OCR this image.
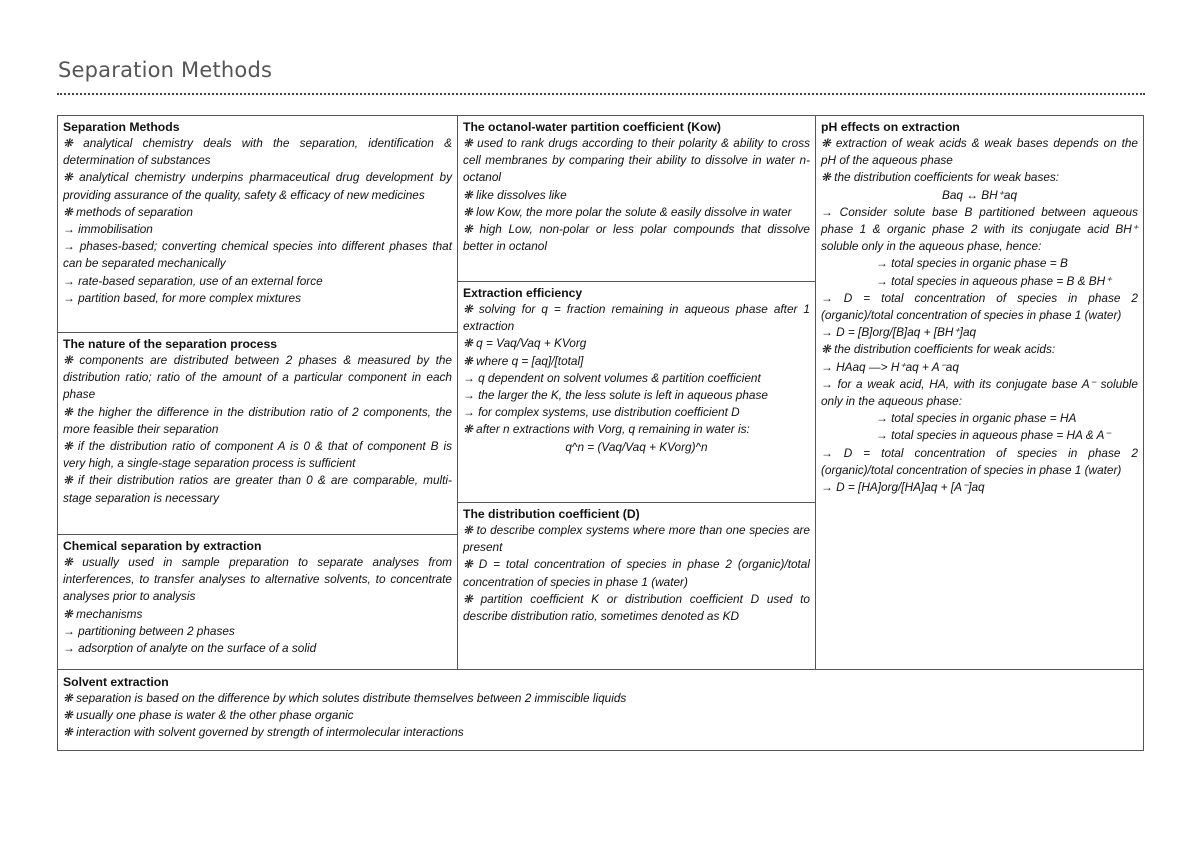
Separation Methods
Separation Methods

❋ analytical chemistry deals with the separation, identification & determination of substances

❋ analytical chemistry underpins pharmaceutical drug development by providing assurance of the quality, safety & efficacy of new medicines

❋ methods of separation

→ immobilisation

→ phases-based; converting chemical species into different phases that can be separated mechanically

→ rate-based separation, use of an external force

→ partition based, for more complex mixtures

The nature of the separation process

❋ components are distributed between 2 phases & measured by the distribution ratio; ratio of the amount of a particular component in each phase

❋ the higher the difference in the distribution ratio of 2 components, the more feasible their separation

❋ if the distribution ratio of component A is 0 & that of component B is very high, a single-stage separation process is sufficient

❋ if their distribution ratios are greater than 0 & are comparable, multi-stage separation is necessary

Chemical separation by extraction

❋ usually used in sample preparation to separate analyses from interferences, to transfer analyses to alternative solvents, to concentrate analyses prior to analysis

❋ mechanisms

→ partitioning between 2 phases

→ adsorption of analyte on the surface of a solid

The octanol-water partition coefficient (Kow)

❋ used to rank drugs according to their polarity & ability to cross cell membranes by comparing their ability to dissolve in water n-octanol

❋ like dissolves like

❋ low Kow, the more polar the solute & easily dissolve in water

❋ high Low, non-polar or less polar compounds that dissolve better in octanol

Extraction efficiency

❋ solving for q = fraction remaining in aqueous phase after 1 extraction

❋ q = Vaq/Vaq + KVorg

❋ where q = [aq]/[total]

→ q dependent on solvent volumes & partition coefficient

→ the larger the K, the less solute is left in aqueous phase

→ for complex systems, use distribution coefficient D

❋ after n extractions with Vorg, q remaining in water is:

q^n = (Vaq/Vaq + KVorg)^n

The distribution coefficient (D)

❋ to describe complex systems where more than one species are present

❋ D = total concentration of species in phase 2 (organic)/total concentration of species in phase 1 (water)

❋ partition coefficient K or distribution coefficient D used to describe distribution ratio, sometimes denoted as KD

pH effects on extraction

❋ extraction of weak acids & weak bases depends on the pH of the aqueous phase

❋ the distribution coefficients for weak bases:

Baq ↔ BH⁺aq

→ Consider solute base B partitioned between aqueous phase 1 & organic phase 2 with its conjugate acid BH⁺ soluble only in the aqueous phase, hence:

→ total species in organic phase = B

→ total species in aqueous phase = B & BH⁺

→ D = total concentration of species in phase 2 (organic)/total concentration of species in phase 1 (water)

→ D = [B]org/[B]aq + [BH⁺]aq

❋ the distribution coefficients for weak acids:

→ HAaq —> H⁺aq + A⁻aq

→ for a weak acid, HA, with its conjugate base A⁻ soluble only in the aqueous phase:

→ total species in organic phase = HA

→ total species in aqueous phase = HA & A⁻

→ D = total concentration of species in phase 2 (organic)/total concentration of species in phase 1 (water)

→ D = [HA]org/[HA]aq + [A⁻]aq

Solvent extraction

❋ separation is based on the difference by which solutes distribute themselves between 2 immiscible liquids

❋ usually one phase is water & the other phase organic

❋ interaction with solvent governed by strength of intermolecular interactions
